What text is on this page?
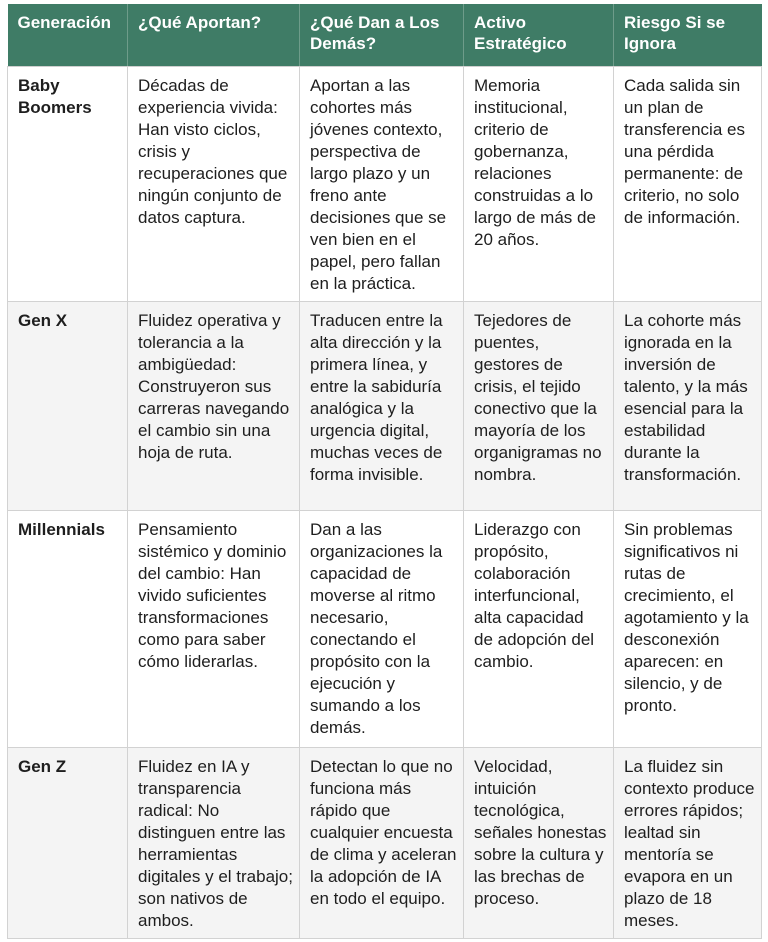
Generación	¿Qué Aportan?	¿Qué Dan a Los Demás?	Activo Estratégico	Riesgo Si se Ignora
Baby Boomers	Décadas de experiencia vivida: Han visto ciclos, crisis y recuperaciones que ningún conjunto de datos captura.	Aportan a las cohortes más jóvenes contexto, perspectiva de largo plazo y un freno ante decisiones que se ven bien en el papel, pero fallan en la práctica.	Memoria institucional, criterio de gobernanza, relaciones construidas a lo largo de más de 20 años.	Cada salida sin un plan de transferencia es una pérdida permanente: de criterio, no solo de información.
Gen X	Fluidez operativa y tolerancia a la ambigüedad: Construyeron sus carreras navegando el cambio sin una hoja de ruta.	Traducen entre la alta dirección y la primera línea, y entre la sabiduría analógica y la urgencia digital, muchas veces de forma invisible.	Tejedores de puentes, gestores de crisis, el tejido conectivo que la mayoría de los organigramas no nombra.	La cohorte más ignorada en la inversión de talento, y la más esencial para la estabilidad durante la transformación.
Millennials	Pensamiento sistémico y dominio del cambio: Han vivido suficientes transformaciones como para saber cómo liderarlas.	Dan a las organizaciones la capacidad de moverse al ritmo necesario, conectando el propósito con la ejecución y sumando a los demás.	Liderazgo con propósito, colaboración interfuncional, alta capacidad de adopción del cambio.	Sin problemas significativos ni rutas de crecimiento, el agotamiento y la desconexión aparecen: en silencio, y de pronto.
Gen Z	Fluidez en IA y transparencia radical: No distinguen entre las herramientas digitales y el trabajo; son nativos de ambos.	Detectan lo que no funciona más rápido que cualquier encuesta de clima y aceleran la adopción de IA en todo el equipo.	Velocidad, intuición tecnológica, señales honestas sobre la cultura y las brechas de proceso.	La fluidez sin contexto produce errores rápidos; lealtad sin mentoría se evapora en un plazo de 18 meses.
